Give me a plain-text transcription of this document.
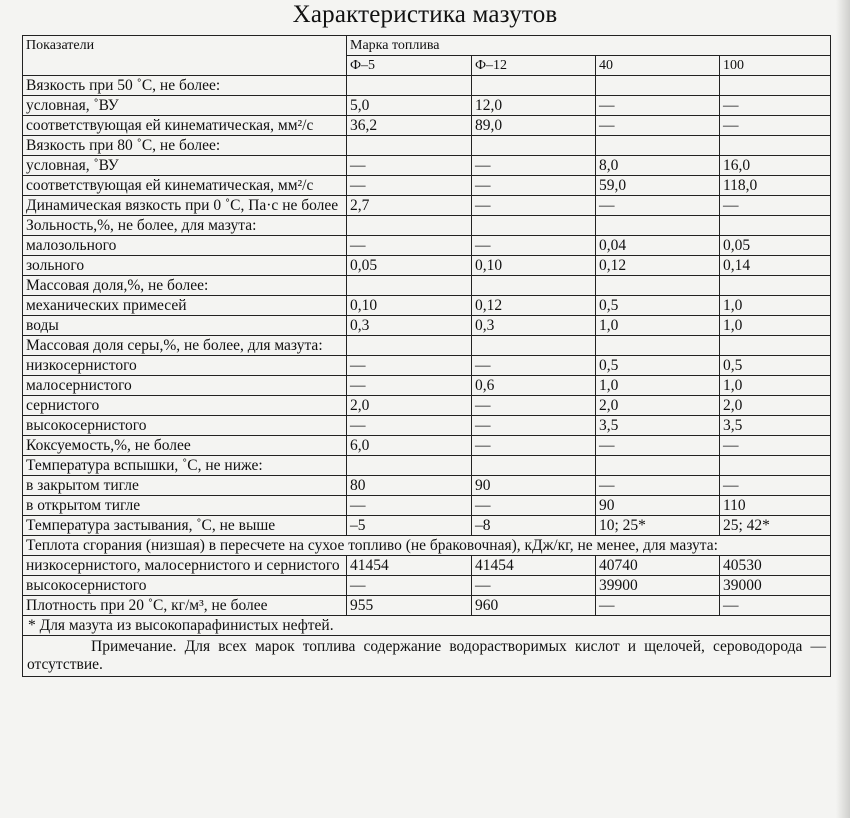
Характеристика мазутов
Показатели	Марка топлива			
	Ф–5	Ф–12	40	100
Вязкость при 50 ˚С, не более:				
условная, ˚ВУ	5,0	12,0	—	—
соответствующая ей кинематическая, мм²/с	36,2	89,0	—	—
Вязкость при 80 ˚С, не более:				
условная, ˚ВУ	—	—	8,0	16,0
соответствующая ей кинематическая, мм²/с	—	—	59,0	118,0
Динамическая вязкость при 0 ˚С, Па·с не более	2,7	—	—	—
Зольность,%, не более, для мазута:				
малозольного	—	—	0,04	0,05
зольного	0,05	0,10	0,12	0,14
Массовая доля,%, не более:				
механических примесей	0,10	0,12	0,5	1,0
воды	0,3	0,3	1,0	1,0
Массовая доля серы,%, не более, для мазута:				
низкосернистого	—	—	0,5	0,5
малосернистого	—	0,6	1,0	1,0
сернистого	2,0	—	2,0	2,0
высокосернистого	—	—	3,5	3,5
Коксуемость,%, не более	6,0	—	—	—
Температура вспышки, ˚С, не ниже:				
в закрытом тигле	80	90	—	—
в открытом тигле	—	—	90	110
Температура застывания, ˚С, не выше	–5	–8	10; 25*	25; 42*
Теплота сгорания (низшая) в пересчете на сухое топливо (не браковочная), кДж/кг, не менее, для мазута:				
низкосернистого, малосернистого и сернистого	41454	41454	40740	40530
высокосернистого	—	—	39900	39000
Плотность при 20 ˚С, кг/м³, не более	955	960	—	—
* Для мазута из высокопарафинистых нефтей.				
Примечание. Для всех марок топлива содержание водорастворимых кислот и щелочей, сероводорода — отсутствие.				
